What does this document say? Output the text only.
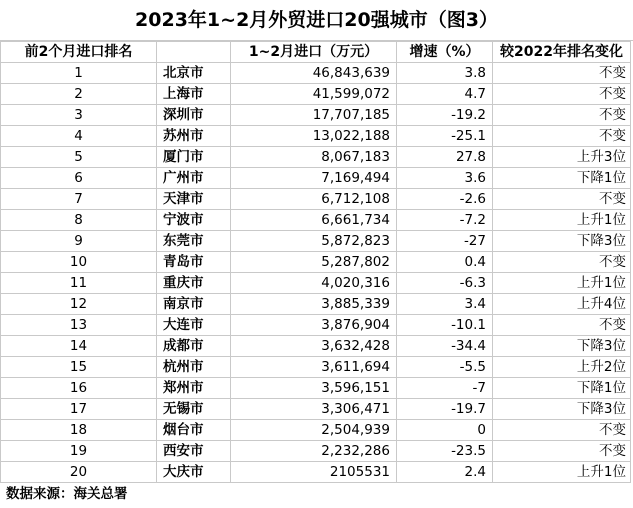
2023年1~2月外贸进口20强城市（图3）
前2个月进口排名		1~2月进口（万元）	增速（%）	较2022年排名变化
1	北京市	46,843,639	3.8	不变
2	上海市	41,599,072	4.7	不变
3	深圳市	17,707,185	-19.2	不变
4	苏州市	13,022,188	-25.1	不变
5	厦门市	8,067,183	27.8	上升3位
6	广州市	7,169,494	3.6	下降1位
7	天津市	6,712,108	-2.6	不变
8	宁波市	6,661,734	-7.2	上升1位
9	东莞市	5,872,823	-27	下降3位
10	青岛市	5,287,802	0.4	不变
11	重庆市	4,020,316	-6.3	上升1位
12	南京市	3,885,339	3.4	上升4位
13	大连市	3,876,904	-10.1	不变
14	成都市	3,632,428	-34.4	下降3位
15	杭州市	3,611,694	-5.5	上升2位
16	郑州市	3,596,151	-7	下降1位
17	无锡市	3,306,471	-19.7	下降3位
18	烟台市	2,504,939	0	不变
19	西安市	2,232,286	-23.5	不变
20	大庆市	2105531	2.4	上升1位
数据来源：海关总署
